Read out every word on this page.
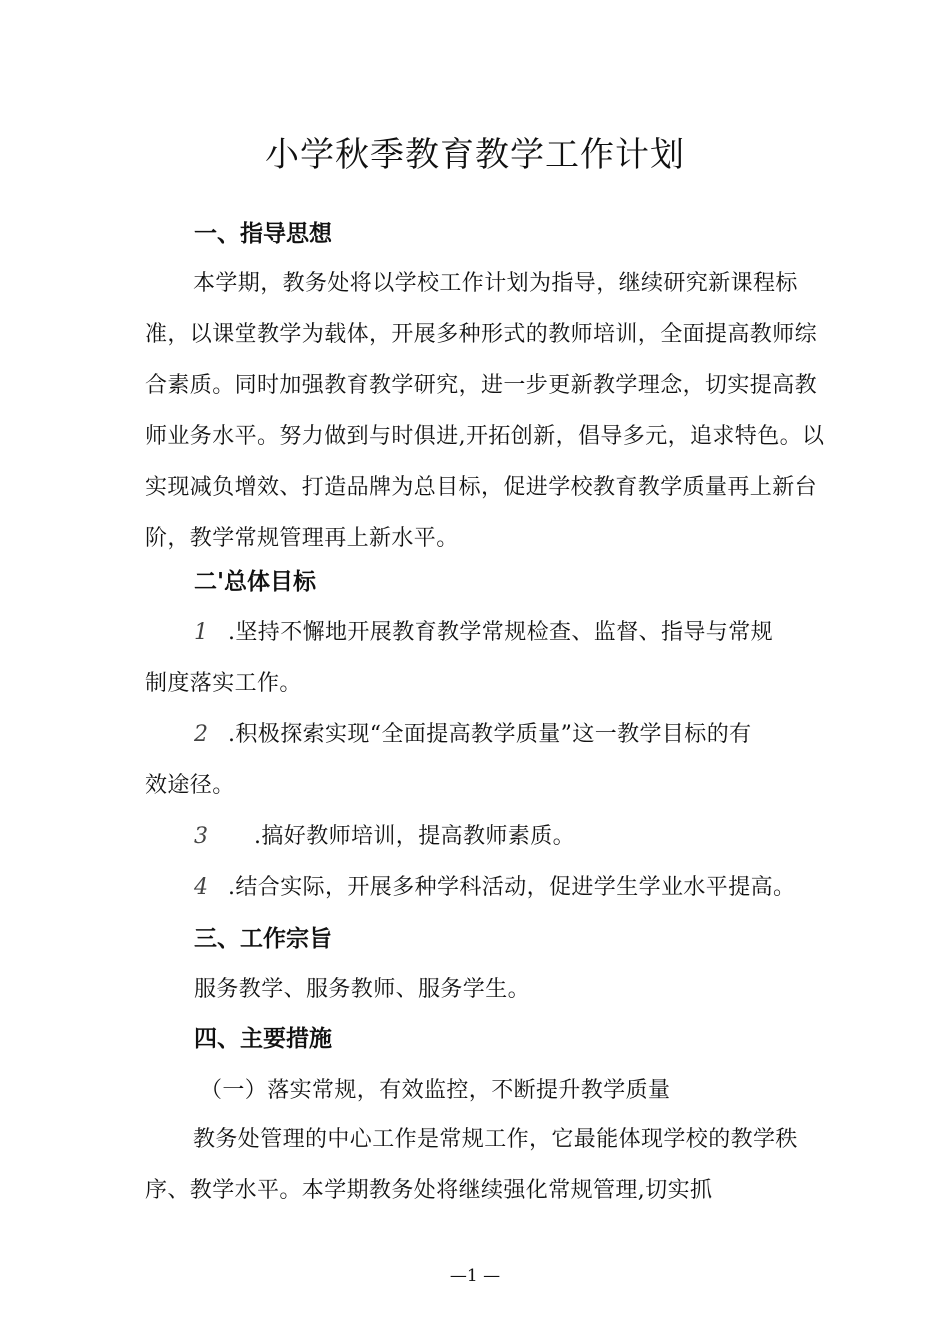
小学秋季教育教学工作计划
一、指导思想
本学期，教务处将以学校工作计划为指导，继续研究新课程标准，以课堂教学为载体，开展多种形式的教师培训，全面提高教师综合素质。同时加强教育教学研究，进一步更新教学理念，切实提高教师业务水平。努力做到与时俱进,开拓创新，倡导多元，追求特色。以实现减负增效、打造品牌为总目标，促进学校教育教学质量再上新台阶，教学常规管理再上新水平。
二'总体目标
1 .坚持不懈地开展教育教学常规检查、监督、指导与常规
制度落实工作。
2 .积极探索实现“全面提高教学质量”这一教学目标的有
效途径。
3 .搞好教师培训，提高教师素质。
4 .结合实际，开展多种学科活动，促进学生学业水平提高。
三、工作宗旨
服务教学、服务教师、服务学生。
四、主要措施
（一）落实常规，有效监控，不断提升教学质量
教务处管理的中心工作是常规工作，它最能体现学校的教学秩序、教学水平。本学期教务处将继续强化常规管理,切实抓
—1 —
